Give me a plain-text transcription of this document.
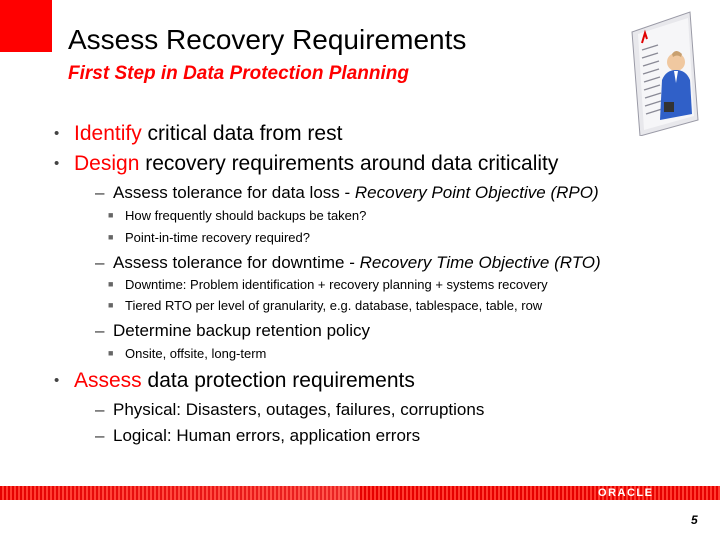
Assess Recovery Requirements
First Step in Data Protection Planning
• Identify critical data from rest
• Design recovery requirements around data criticality
– Assess tolerance for data loss - Recovery Point Objective (RPO)
■ How frequently should backups be taken?
■ Point-in-time recovery required?
– Assess tolerance for downtime - Recovery Time Objective (RTO)
■ Downtime: Problem identification + recovery planning + systems recovery
■ Tiered RTO per level of granularity, e.g. database, tablespace, table, row
– Determine backup retention policy
■ Onsite, offsite, long-term
• Assess data protection requirements
– Physical: Disasters, outages, failures, corruptions
– Logical: Human errors, application errors
ORACLE
5
